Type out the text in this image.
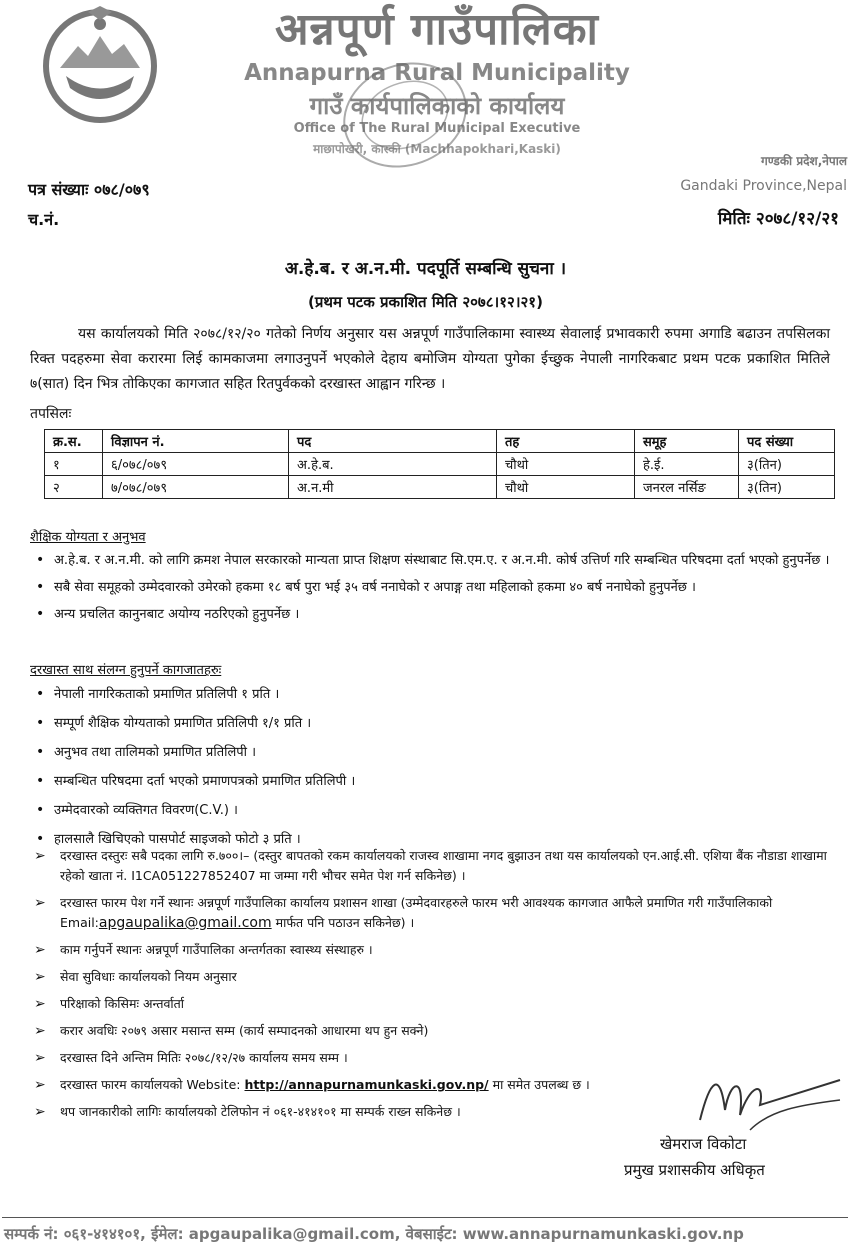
अन्नपूर्ण गाउँपालिका
Annapurna Rural Municipality
गाउँ कार्यपालिकाको कार्यालय
Office of The Rural Municipal Executive
माछापोखरी, कास्की (Machhapokhari,Kaski)
गण्डकी प्रदेश,नेपाल
Gandaki Province,Nepal
पत्र संख्याः ०७८/०७९
च.नं.	मितिः २०७८/१२/२१
अ.हे.ब. र अ.न.मी. पदपूर्ति सम्बन्धि सुचना ।
(प्रथम पटक प्रकाशित मिति २०७८।१२।२१)
यस कार्यालयको मिति २०७८/१२/२० गतेको निर्णय अनुसार यस अन्नपूर्ण गाउँपालिकामा स्वास्थ्य सेवालाई प्रभावकारी रुपमा अगाडि बढाउन तपसिलका रिक्त पदहरुमा सेवा करारमा लिई कामकाजमा लगाउनुपर्ने भएकोले देहाय बमोजिम योग्यता पुगेका ईच्छुक नेपाली नागरिकबाट प्रथम पटक प्रकाशित मितिले ७(सात) दिन भित्र तोकिएका कागजात सहित रितपुर्वकको दरखास्त आह्वान गरिन्छ ।
तपसिलः
क्र.स.	विज्ञापन नं.	पद	तह	समूह	पद संख्या
१	६/०७८/०७९	अ.हे.ब.	चौथो	हे.ई.	३(तिन)
२	७/०७८/०७९	अ.न.मी	चौथो	जनरल नर्सिङ	३(तिन)
शैक्षिक योग्यता र अनुभव
• अ.हे.ब. र अ.न.मी. को लागि क्रमश नेपाल सरकारको मान्यता प्राप्त शिक्षण संस्थाबाट सि.एम.ए. र अ.न.मी. कोर्ष उत्तिर्ण गरि सम्बन्धित परिषदमा दर्ता भएको हुनुपर्नेछ ।
• सबै सेवा समूहको उम्मेदवारको उमेरको हकमा १८ बर्ष पुरा भई ३५ वर्ष ननाघेको र अपाङ्ग तथा महिलाको हकमा ४० बर्ष ननाघेको हुनुपर्नेछ ।
• अन्य प्रचलित कानुनबाट अयोग्य नठरिएको हुनुपर्नेछ ।
दरखास्त साथ संलग्न हुनुपर्ने कागजातहरुः
• नेपाली नागरिकताको प्रमाणित प्रतिलिपी १ प्रति ।
• सम्पूर्ण शैक्षिक योग्यताको प्रमाणित प्रतिलिपी १/१ प्रति ।
• अनुभव तथा तालिमको प्रमाणित प्रतिलिपी ।
• सम्बन्धित परिषदमा दर्ता भएको प्रमाणपत्रको प्रमाणित प्रतिलिपी ।
• उम्मेदवारको व्यक्तिगत विवरण(C.V.) ।
• हालसालै खिचिएको पासपोर्ट साइजको फोटो ३ प्रति ।
➢ दरखास्त दस्तुरः सबै पदका लागि रु.७००।– (दस्तुर बापतको रकम कार्यालयको राजस्व शाखामा नगद बुझाउन तथा यस कार्यालयको एन.आई.सी. एशिया बैंक नौडाडा शाखामा रहेको खाता नं. I1CA051227852407 मा जम्मा गरी भौचर समेत पेश गर्न सकिनेछ) ।
➢ दरखास्त फारम पेश गर्ने स्थानः अन्नपूर्ण गाउँपालिका कार्यालय प्रशासन शाखा (उम्मेदवारहरुले फारम भरी आवश्यक कागजात आफैले प्रमाणित गरी गाउँपालिकाको Email:apgaupalika@gmail.com मार्फत पनि पठाउन सकिनेछ) ।
➢ काम गर्नुपर्ने स्थानः अन्नपूर्ण गाउँपालिका अन्तर्गतका स्वास्थ्य संस्थाहरु ।
➢ सेवा सुविधाः कार्यालयको नियम अनुसार
➢ परिक्षाको किसिमः अन्तर्वार्ता
➢ करार अवधिः २०७९ असार मसान्त सम्म (कार्य सम्पादनको आधारमा थप हुन सक्ने)
➢ दरखास्त दिने अन्तिम मितिः २०७८/१२/२७ कार्यालय समय सम्म ।
➢ दरखास्त फारम कार्यालयको Website: http://annapurnamunkaski.gov.np/ मा समेत उपलब्ध छ ।
➢ थप जानकारीको लागिः कार्यालयको टेलिफोन नं ०६१-४१४१०१ मा सम्पर्क राख्न सकिनेछ ।
खेमराज विकोटा
प्रमुख प्रशासकीय अधिकृत
सम्पर्क नं: ०६१-४१४१०१, ईमेल: apgaupalika@gmail.com, वेबसाईट: www.annapurnamunkaski.gov.np
